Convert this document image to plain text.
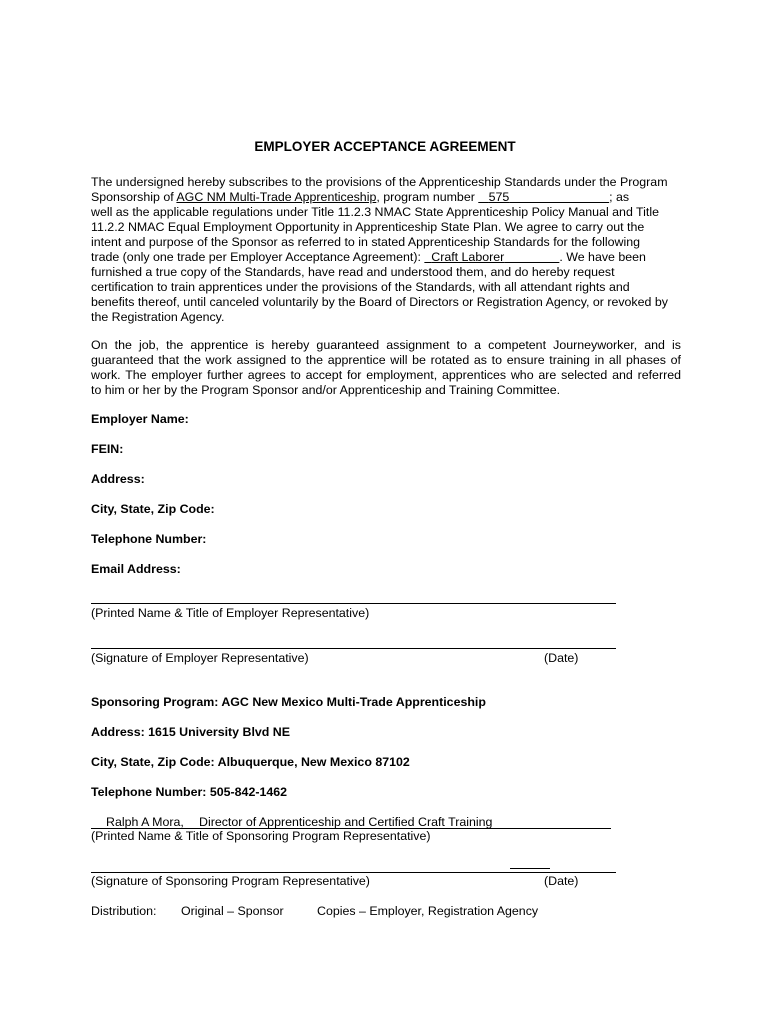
EMPLOYER ACCEPTANCE AGREEMENT
The undersigned hereby subscribes to the provisions of the Apprenticeship Standards under the Program
Sponsorship of AGC NM Multi-Trade Apprenticeship, program number    575	; as
well as the applicable regulations under Title 11.2.3 NMAC State Apprenticeship Policy Manual and Title
11.2.2 NMAC Equal Employment Opportunity in Apprenticeship State Plan. We agree to carry out the
intent and purpose of the Sponsor as referred to in stated Apprenticeship Standards for the following
trade (only one trade per Employer Acceptance Agreement):   Craft Laborer	. We have been
furnished a true copy of the Standards, have read and understood them, and do hereby request
certification to train apprentices under the provisions of the Standards, with all attendant rights and
benefits thereof, until canceled voluntarily by the Board of Directors or Registration Agency, or revoked by
the Registration Agency.
On the job, the apprentice is hereby guaranteed assignment to a competent Journeyworker, and is
guaranteed that the work assigned to the apprentice will be rotated as to ensure training in all phases of
work. The employer further agrees to accept for employment, apprentices who are selected and referred
to him or her by the Program Sponsor and/or Apprenticeship and Training Committee.
Employer Name:
FEIN:
Address:
City, State, Zip Code:
Telephone Number:
Email Address:
(Printed Name & Title of Employer Representative)
(Signature of Employer Representative)	(Date)
Sponsoring Program: AGC New Mexico Multi-Trade Apprenticeship
Address: 1615 University Blvd NE
City, State, Zip Code: Albuquerque, New Mexico 87102
Telephone Number: 505-842-1462
Ralph A Mora, Director of Apprenticeship and Certified Craft Training
(Printed Name & Title of Sponsoring Program Representative)
(Signature of Sponsoring Program Representative)	(Date)
Distribution: Original – Sponsor	Copies – Employer, Registration Agency
